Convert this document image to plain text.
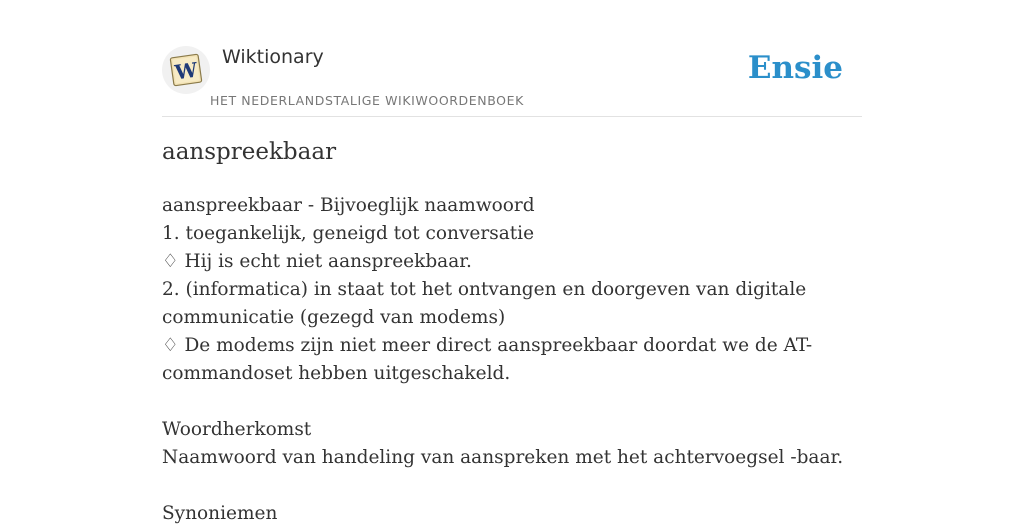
W
Wiktionary
HET NEDERLANDSTALIGE WIKIWOORDENBOEK
Ensie
aanspreekbaar
aanspreekbaar - Bijvoeglijk naamwoord
1. toegankelijk, geneigd tot conversatie
♢ Hij is echt niet aanspreekbaar.
2. (informatica) in staat tot het ontvangen en doorgeven van digitale
communicatie (gezegd van modems)
♢ De modems zijn niet meer direct aanspreekbaar doordat we de AT-
commandoset hebben uitgeschakeld.
Woordherkomst
Naamwoord van handeling van aanspreken met het achtervoegsel -baar.
Synoniemen
